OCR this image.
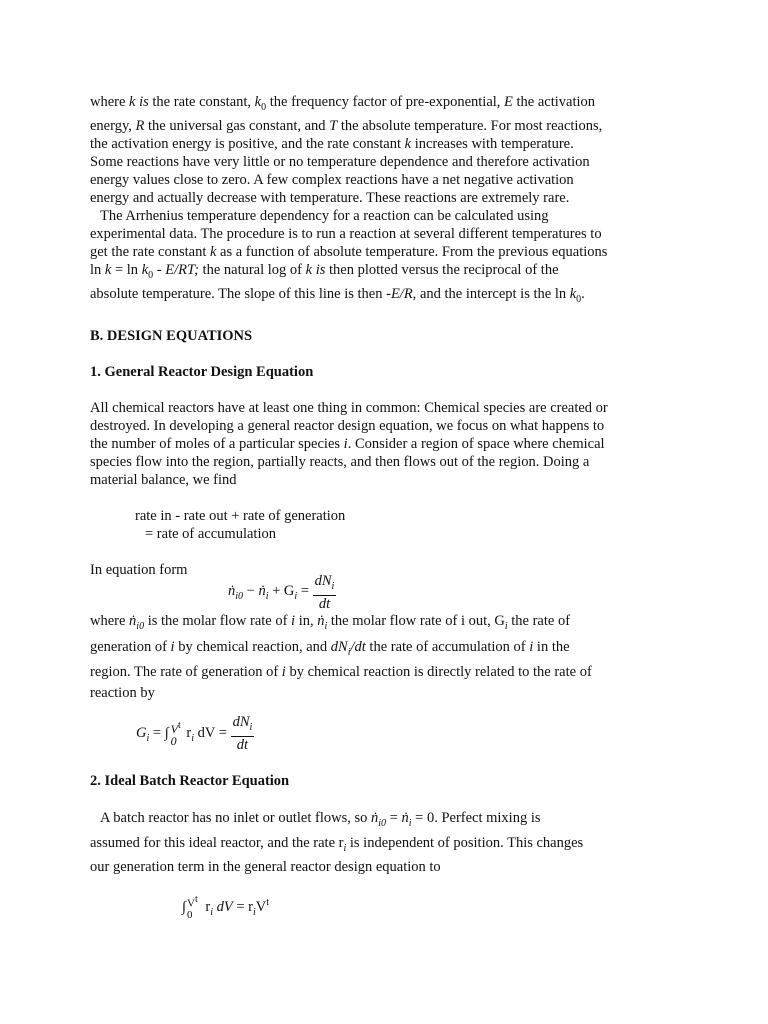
where k is the rate constant, $k_0$ the frequency factor of pre-exponential, E the activation
energy, R the universal gas constant, and T the absolute temperature. For most reactions,
the activation energy is positive, and the rate constant k increases with temperature.
Some reactions have very little or no temperature dependence and therefore activation
energy values close to zero. A few complex reactions have a net negative activation
energy and actually decrease with temperature. These reactions are extremely rare.

The Arrhenius temperature dependency for a reaction can be calculated using
experimental data. The procedure is to run a reaction at several different temperatures to
get the rate constant k as a function of absolute temperature. From the previous equations
$\ln k = \ln k_0 - E/RT$; the natural log of k is then plotted versus the reciprocal of the
absolute temperature. The slope of this line is then -E/R, and the intercept is the $\ln k_0$.

B. DESIGN EQUATIONS
1. General Reactor Design Equation

All chemical reactors have at least one thing in common: Chemical species are created or
destroyed. In developing a general reactor design equation, we focus on what happens to
the number of moles of a particular species i. Consider a region of space where chemical
species flow into the region, partially reacts, and then flows out of the region. Doing a
material balance, we find

rate in - rate out + rate of generation

= rate of accumulation

In equation form

ṅ$_{i0}$ − ṅ$_i$ + $G_i = \frac{dN_i}{dt}$

where ṅ$_{i0}$ is the molar flow rate of i in, ṅ$_i$ the molar flow rate of i out, $G_i$ the rate of
generation of i by chemical reaction, and $dN_i/dt$ the rate of accumulation of i in the
region. The rate of generation of i by chemical reaction is directly related to the rate of
reaction by

$G_i$ = ∫ $V^t$
0
$r_i$ dV = $\frac{dN_i}{dt}$
2. Ideal Batch Reactor Equation

A batch reactor has no inlet or outlet flows, so ṅ$_{i0}$ = ṅ$_i$ = 0. Perfect mixing is

assumed for this ideal reactor, and the rate $r_i$ is independent of position. This changes
our generation term in the general reactor design equation to

∫ $V^t$
0 $r_i$ dV = $r_iV^t$
